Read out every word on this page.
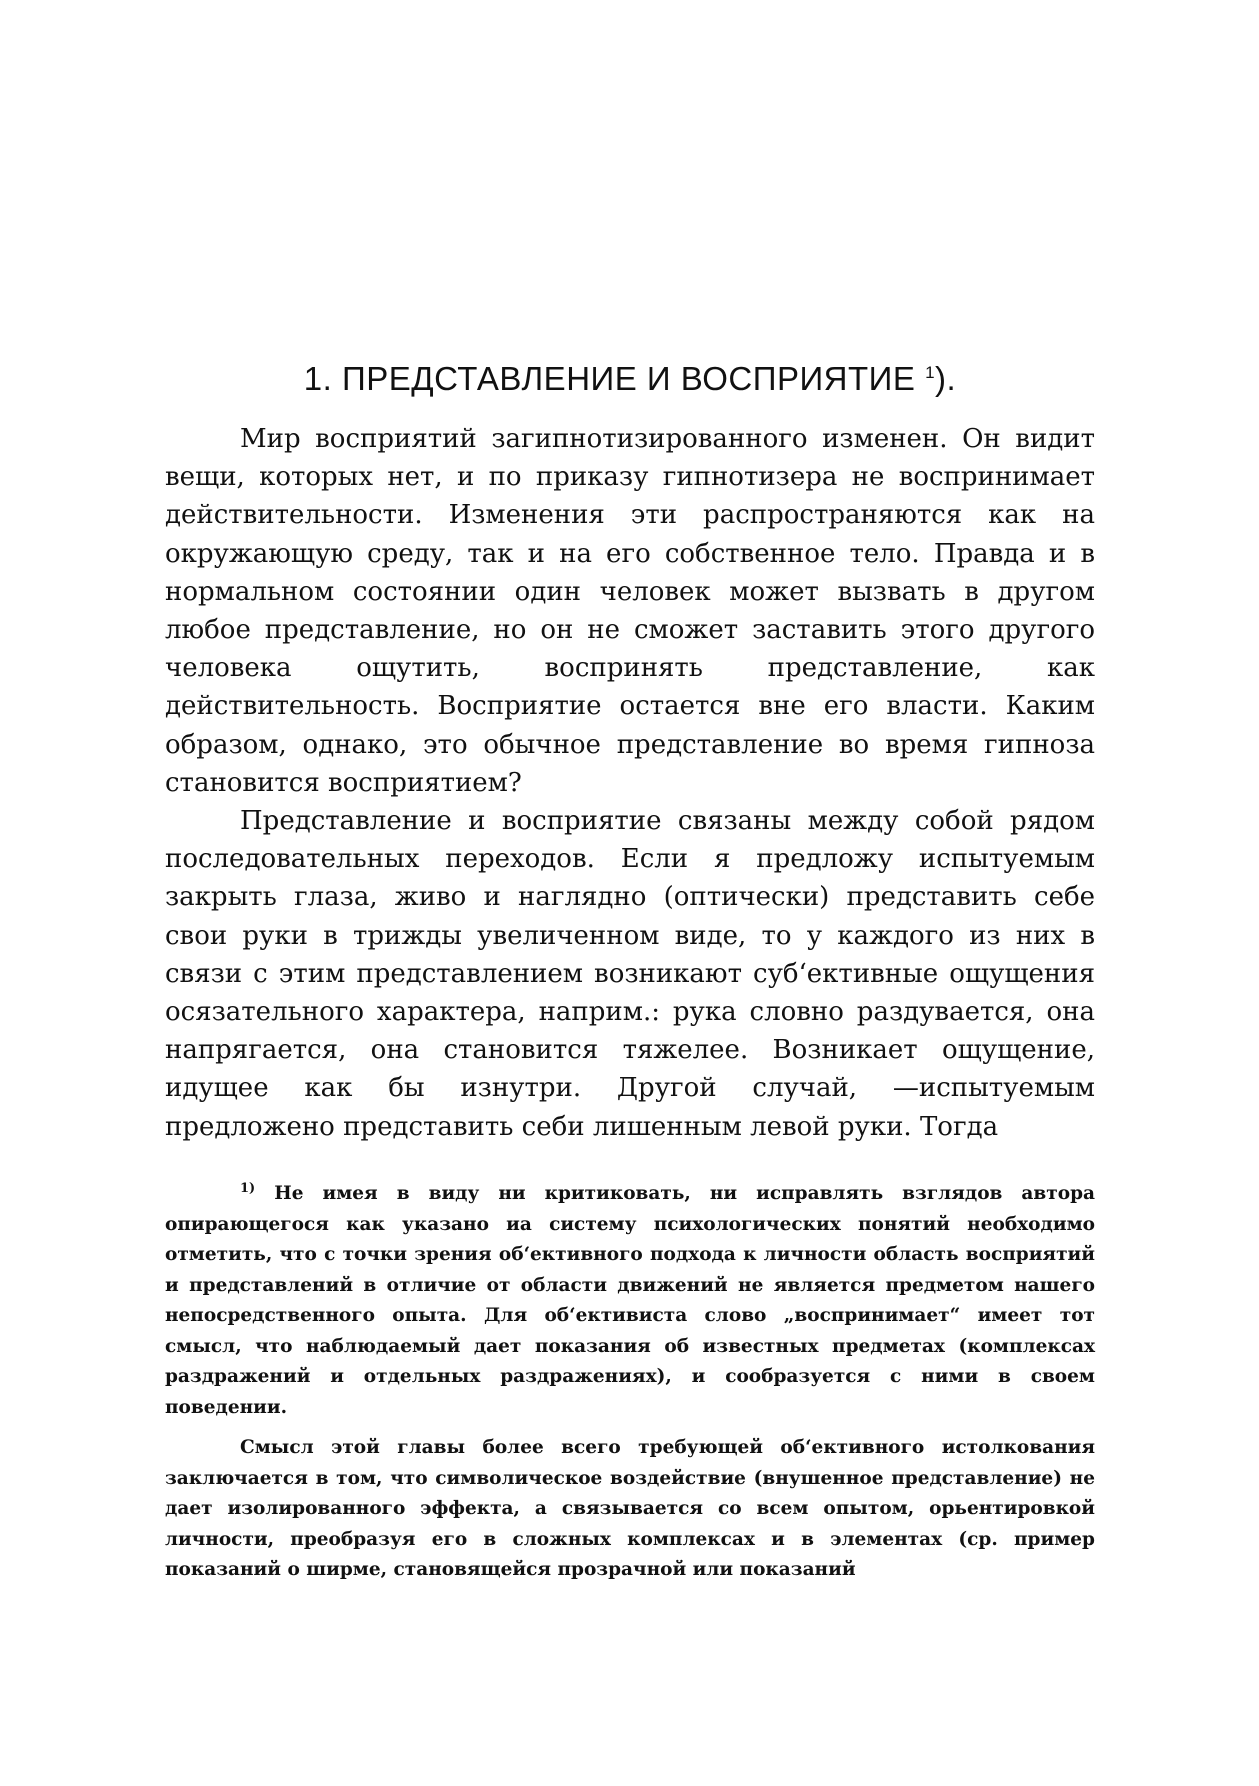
1. ПРЕДСТАВЛЕНИЕ И ВОСПРИЯТИЕ $^1$).

Мир восприятий загипнотизированного изменен. Он видит вещи, которых нет, и по приказу гипнотизера не воспринимает действительности. Изменения эти распространяются как на окружающую среду, так и на его собственное тело. Правда и в нормальном состоянии один человек может вызвать в другом любое представление, но он не сможет заставить этого другого человека ощутить, воспринять представление, как действительность. Восприятие остается вне его власти. Каким образом, однако, это обычное представление во время гипноза становится восприятием?

Представление и восприятие связаны между собой рядом последовательных переходов. Если я предложу испытуемым закрыть глаза, живо и наглядно (оптически) представить себе свои руки в трижды увеличенном виде, то у каждого из них в связи с этим представлением возникают суб‘ективные ощущения осязательного характера, наприм.: рука словно раздувается, она напрягается, она становится тяжелее. Возникает ощущение, идущее как бы изнутри. Другой случай, —испытуемым предложено представить себи лишенным левой руки. Тогда

$^{1)}$ Не имея в виду ни критиковать, ни исправлять взглядов автора опирающегося как указано иа систему психологических понятий необходимо отметить, что с точки зрения об‘ективного подхода к личности область восприятий и представлений в отличие от области движений не является предметом нашего непосредственного опыта. Для об‘ективиста слово „воспринимает“ имеет тот смысл, что наблюдаемый дает показания об известных предметах (комплексах раздражений и отдельных раздражениях), и сообразуется с ними в своем поведении.

Смысл этой главы более всего требующей об‘ективного истолкования заключается в том, что символическое воздействие (внушенное представление) не дает изолированного эффекта, а связывается со всем опытом, орьентировкой личности, преобразуя его в сложных комплексах и в элементах (ср. пример показаний о ширме, становящейся прозрачной или показаний
